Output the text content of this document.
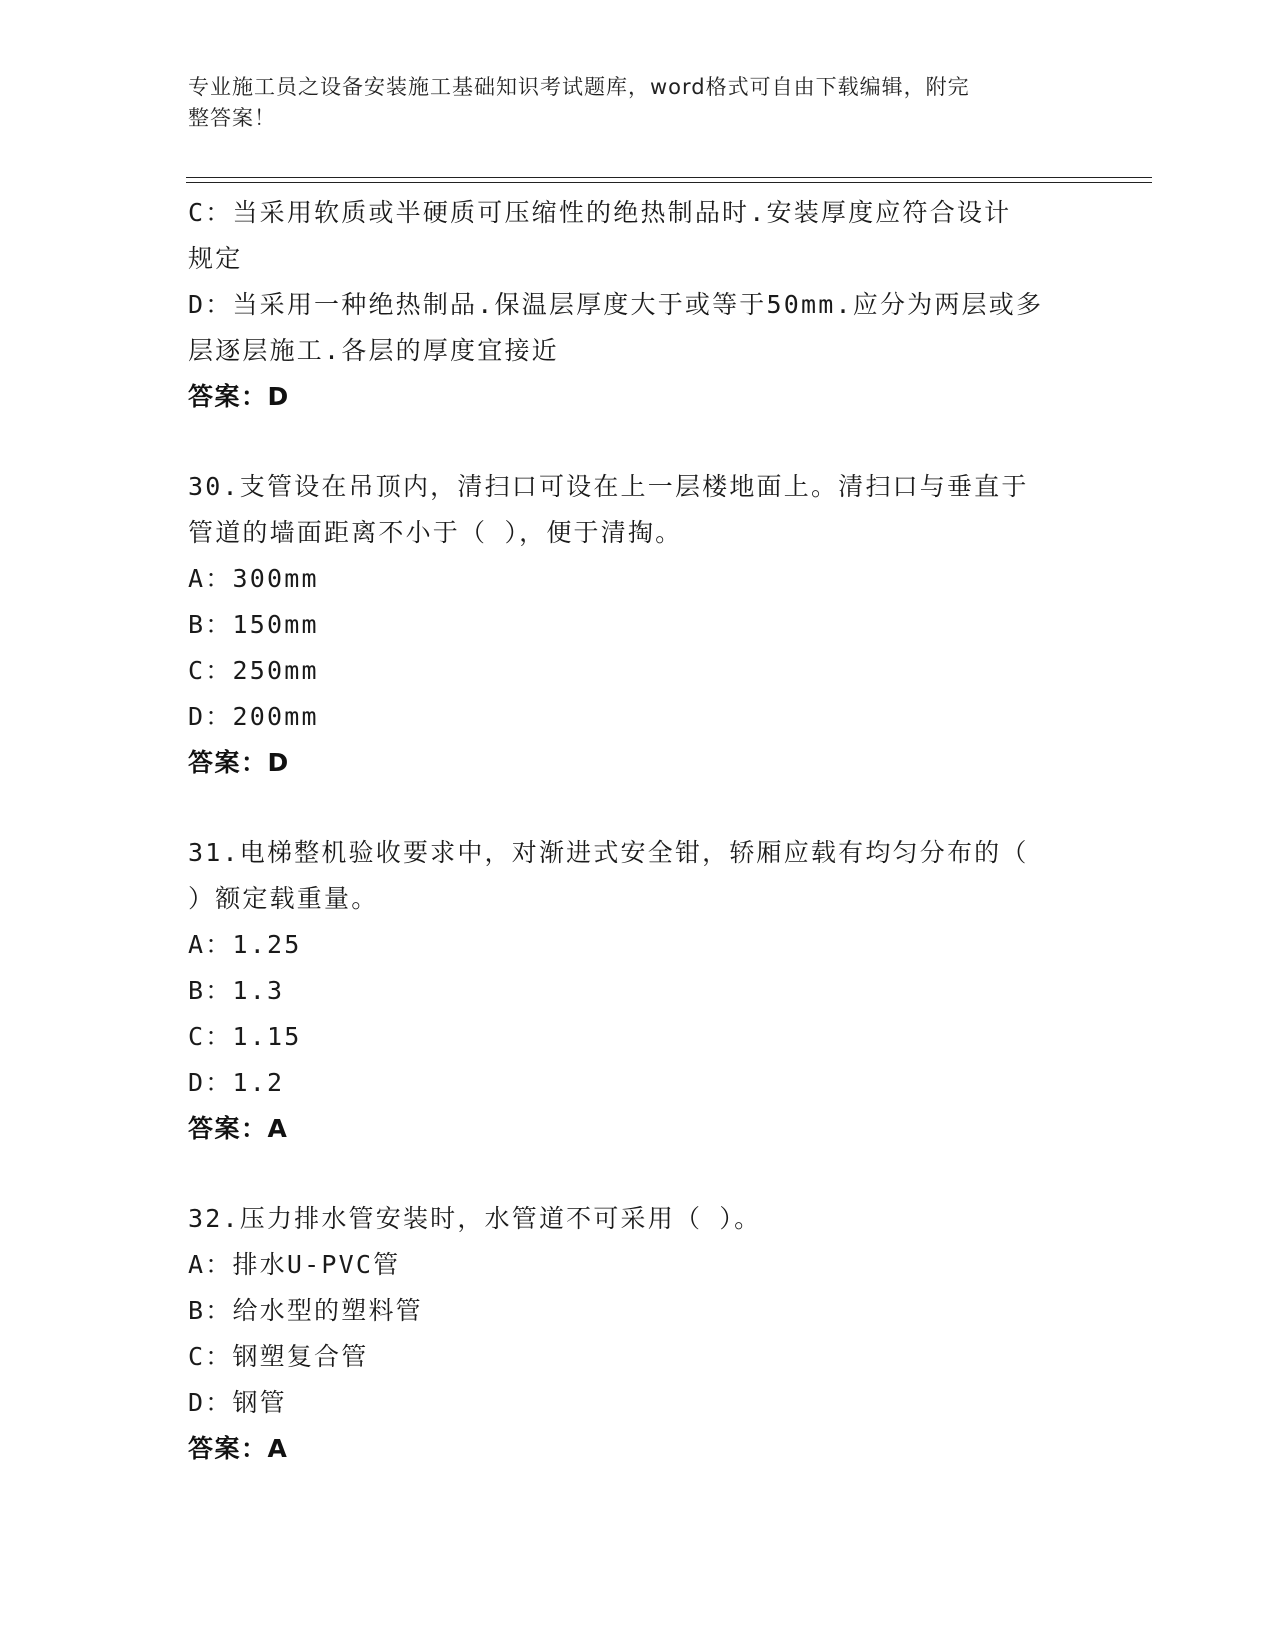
专业施工员之设备安装施工基础知识考试题库，word格式可自由下载编辑，附完
整答案！
C：当采用软质或半硬质可压缩性的绝热制品时.安装厚度应符合设计
规定
D：当采用一种绝热制品.保温层厚度大于或等于50mm.应分为两层或多
层逐层施工.各层的厚度宜接近
答案：D
30.支管设在吊顶内，清扫口可设在上一层楼地面上。清扫口与垂直于
管道的墙面距离不小于（ ），便于清掏。
A：300mm
B：150mm
C：250mm
D：200mm
答案：D
31.电梯整机验收要求中，对渐进式安全钳，轿厢应载有均匀分布的（
）额定载重量。
A：1.25
B：1.3
C：1.15
D：1.2
答案：A
32.压力排水管安装时，水管道不可采用（ ）。
A：排水U-PVC管
B：给水型的塑料管
C：钢塑复合管
D：钢管
答案：A
